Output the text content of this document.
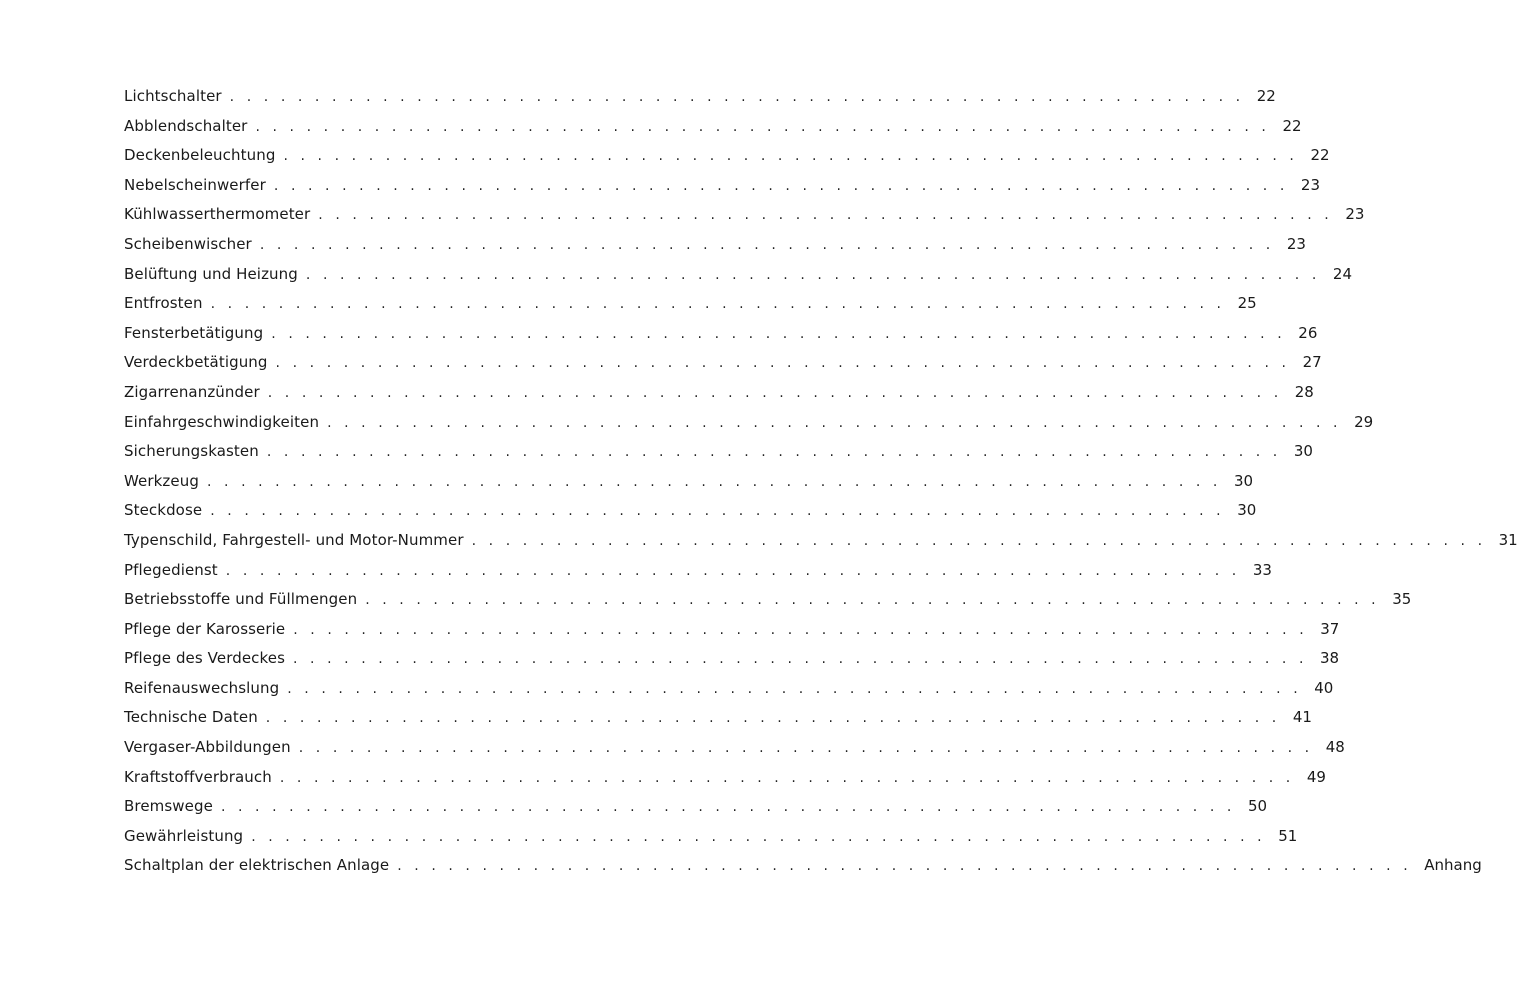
Lichtschalter ............................................................ 22
Abblendschalter ............................................................ 22
Deckenbeleuchtung ............................................................ 22
Nebelscheinwerfer ............................................................ 23
Kühlwasserthermometer ............................................................ 23
Scheibenwischer ............................................................ 23
Belüftung und Heizung ............................................................ 24
Entfrosten ............................................................ 25
Fensterbetätigung ............................................................ 26
Verdeckbetätigung ............................................................ 27
Zigarrenanzünder ............................................................ 28
Einfahrgeschwindigkeiten ............................................................ 29
Sicherungskasten ............................................................ 30
Werkzeug ............................................................ 30
Steckdose ............................................................ 30
Typenschild, Fahrgestell- und Motor-Nummer ............................................................ 31
Pflegedienst ............................................................ 33
Betriebsstoffe und Füllmengen ............................................................ 35
Pflege der Karosserie ............................................................ 37
Pflege des Verdeckes ............................................................ 38
Reifenauswechslung ............................................................ 40
Technische Daten ............................................................ 41
Vergaser-Abbildungen ............................................................ 48
Kraftstoffverbrauch ............................................................ 49
Bremswege ............................................................ 50
Gewährleistung ............................................................ 51
Schaltplan der elektrischen Anlage ............................................................ Anhang
